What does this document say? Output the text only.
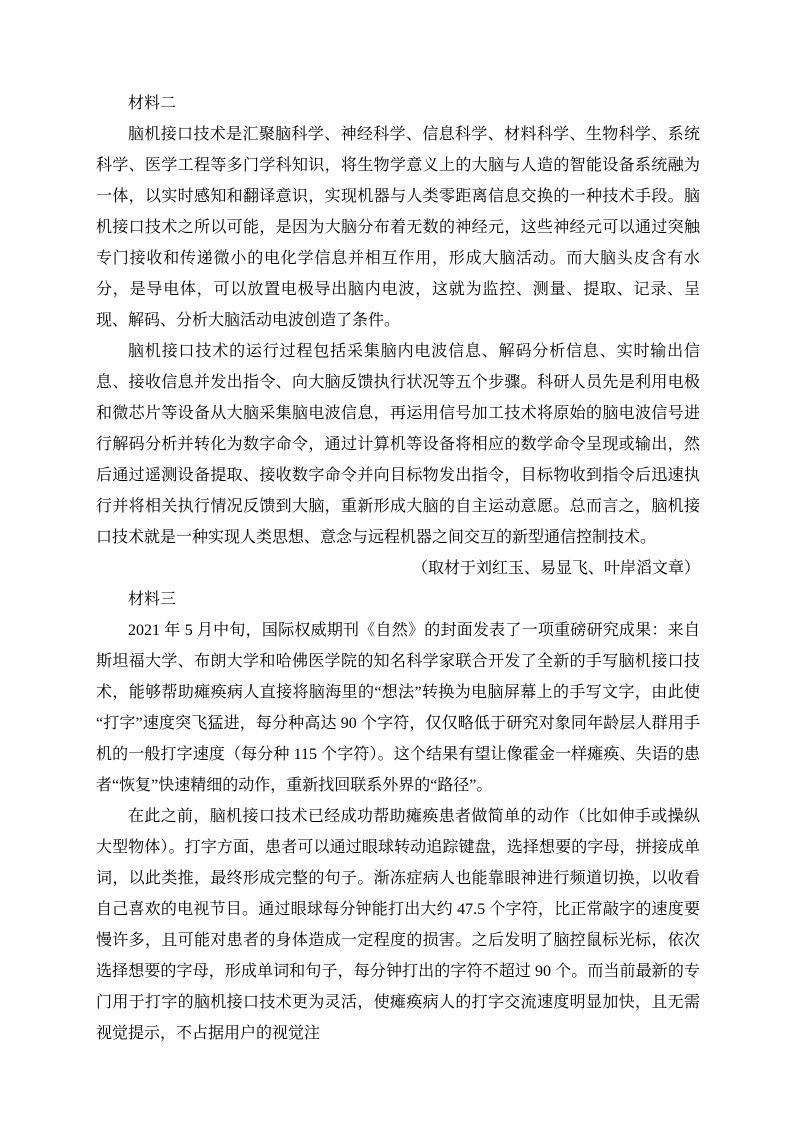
材料二

脑机接口技术是汇聚脑科学、神经科学、信息科学、材料科学、生物科学、系统科学、医学工程等多门学科知识，将生物学意义上的大脑与人造的智能设备系统融为一体，以实时感知和翻译意识，实现机器与人类零距离信息交换的一种技术手段。脑机接口技术之所以可能，是因为大脑分布着无数的神经元，这些神经元可以通过突触专门接收和传递微小的电化学信息并相互作用，形成大脑活动。而大脑头皮含有水分，是导电体，可以放置电极导出脑内电波，这就为监控、测量、提取、记录、呈现、解码、分析大脑活动电波创造了条件。

脑机接口技术的运行过程包括采集脑内电波信息、解码分析信息、实时输出信息、接收信息并发出指令、向大脑反馈执行状况等五个步骤。科研人员先是利用电极和微芯片等设备从大脑采集脑电波信息，再运用信号加工技术将原始的脑电波信号进行解码分析并转化为数字命令，通过计算机等设备将相应的数学命令呈现或输出，然后通过遥测设备提取、接收数字命令并向目标物发出指令，目标物收到指令后迅速执行并将相关执行情况反馈到大脑，重新形成大脑的自主运动意愿。总而言之，脑机接口技术就是一种实现人类思想、意念与远程机器之间交互的新型通信控制技术。

（取材于刘红玉、易显飞、叶岸滔文章）

材料三

2021 年 5 月中旬，国际权威期刊《自然》的封面发表了一项重磅研究成果：来自斯坦福大学、布朗大学和哈佛医学院的知名科学家联合开发了全新的手写脑机接口技术，能够帮助瘫痪病人直接将脑海里的“想法”转换为电脑屏幕上的手写文字，由此使“打字”速度突飞猛进，每分种高达 90 个字符，仅仅略低于研究对象同年龄层人群用手机的一般打字速度（每分种 115 个字符）。这个结果有望让像霍金一样瘫痪、失语的患者“恢复”快速精细的动作，重新找回联系外界的“路径”。

在此之前，脑机接口技术已经成功帮助瘫痪患者做简单的动作（比如伸手或操纵大型物体）。打字方面，患者可以通过眼球转动追踪键盘，选择想要的字母，拼接成单词，以此类推，最终形成完整的句子。渐冻症病人也能靠眼神进行频道切换，以收看自己喜欢的电视节目。通过眼球每分钟能打出大约 47.5 个字符，比正常敲字的速度要慢许多，且可能对患者的身体造成一定程度的损害。之后发明了脑控鼠标光标，依次选择想要的字母，形成单词和句子，每分钟打出的字符不超过 90 个。而当前最新的专门用于打字的脑机接口技术更为灵活，使瘫痪病人的打字交流速度明显加快，且无需视觉提示，不占据用户的视觉注
